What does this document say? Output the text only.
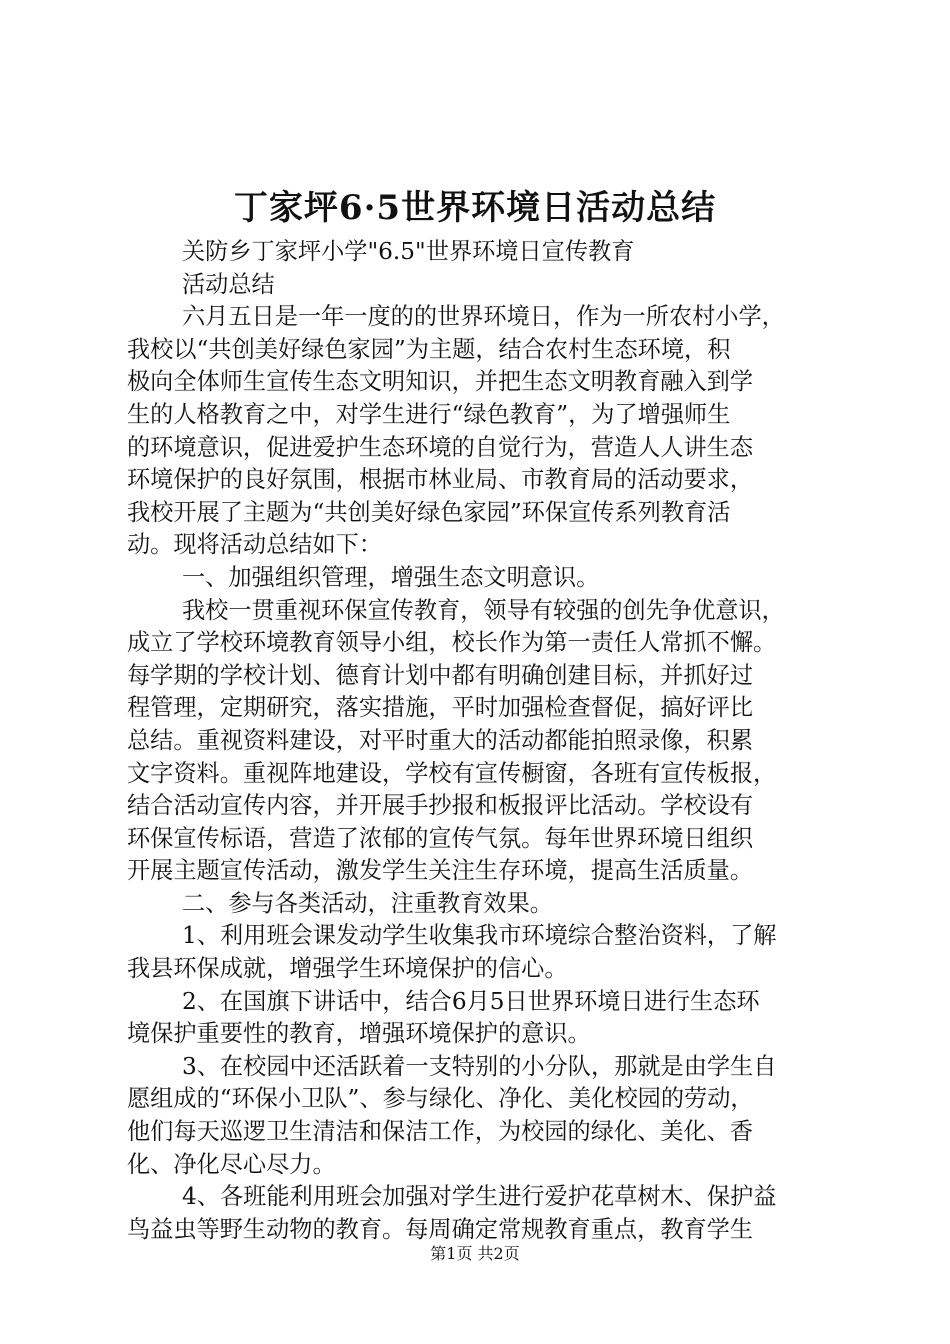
丁家坪6·5世界环境日活动总结

关防乡丁家坪小学"6.5"世界环境日宣传教育

活动总结

六月五日是一年一度的的世界环境日，作为一所农村小学，

我校以“共创美好绿色家园”为主题，结合农村生态环境，积

极向全体师生宣传生态文明知识，并把生态文明教育融入到学

生的人格教育之中，对学生进行“绿色教育”，为了增强师生

的环境意识，促进爱护生态环境的自觉行为，营造人人讲生态

环境保护的良好氛围，根据市林业局、市教育局的活动要求，

我校开展了主题为“共创美好绿色家园”环保宣传系列教育活

动。现将活动总结如下：

一、加强组织管理，增强生态文明意识。

我校一贯重视环保宣传教育，领导有较强的创先争优意识，

成立了学校环境教育领导小组，校长作为第一责任人常抓不懈。

每学期的学校计划、德育计划中都有明确创建目标，并抓好过

程管理，定期研究，落实措施，平时加强检查督促，搞好评比

总结。重视资料建设，对平时重大的活动都能拍照录像，积累

文字资料。重视阵地建设，学校有宣传橱窗，各班有宣传板报，

结合活动宣传内容，并开展手抄报和板报评比活动。学校设有

环保宣传标语，营造了浓郁的宣传气氛。每年世界环境日组织

开展主题宣传活动，激发学生关注生存环境，提高生活质量。

二、参与各类活动，注重教育效果。

1、利用班会课发动学生收集我市环境综合整治资料，了解

我县环保成就，增强学生环境保护的信心。

2、在国旗下讲话中，结合6月5日世界环境日进行生态环

境保护重要性的教育，增强环境保护的意识。

3、在校园中还活跃着一支特别的小分队，那就是由学生自

愿组成的“环保小卫队”、参与绿化、净化、美化校园的劳动，

他们每天巡逻卫生清洁和保洁工作，为校园的绿化、美化、香

化、净化尽心尽力。

4、各班能利用班会加强对学生进行爱护花草树木、保护益

鸟益虫等野生动物的教育。每周确定常规教育重点，教育学生

第1页 共2页
